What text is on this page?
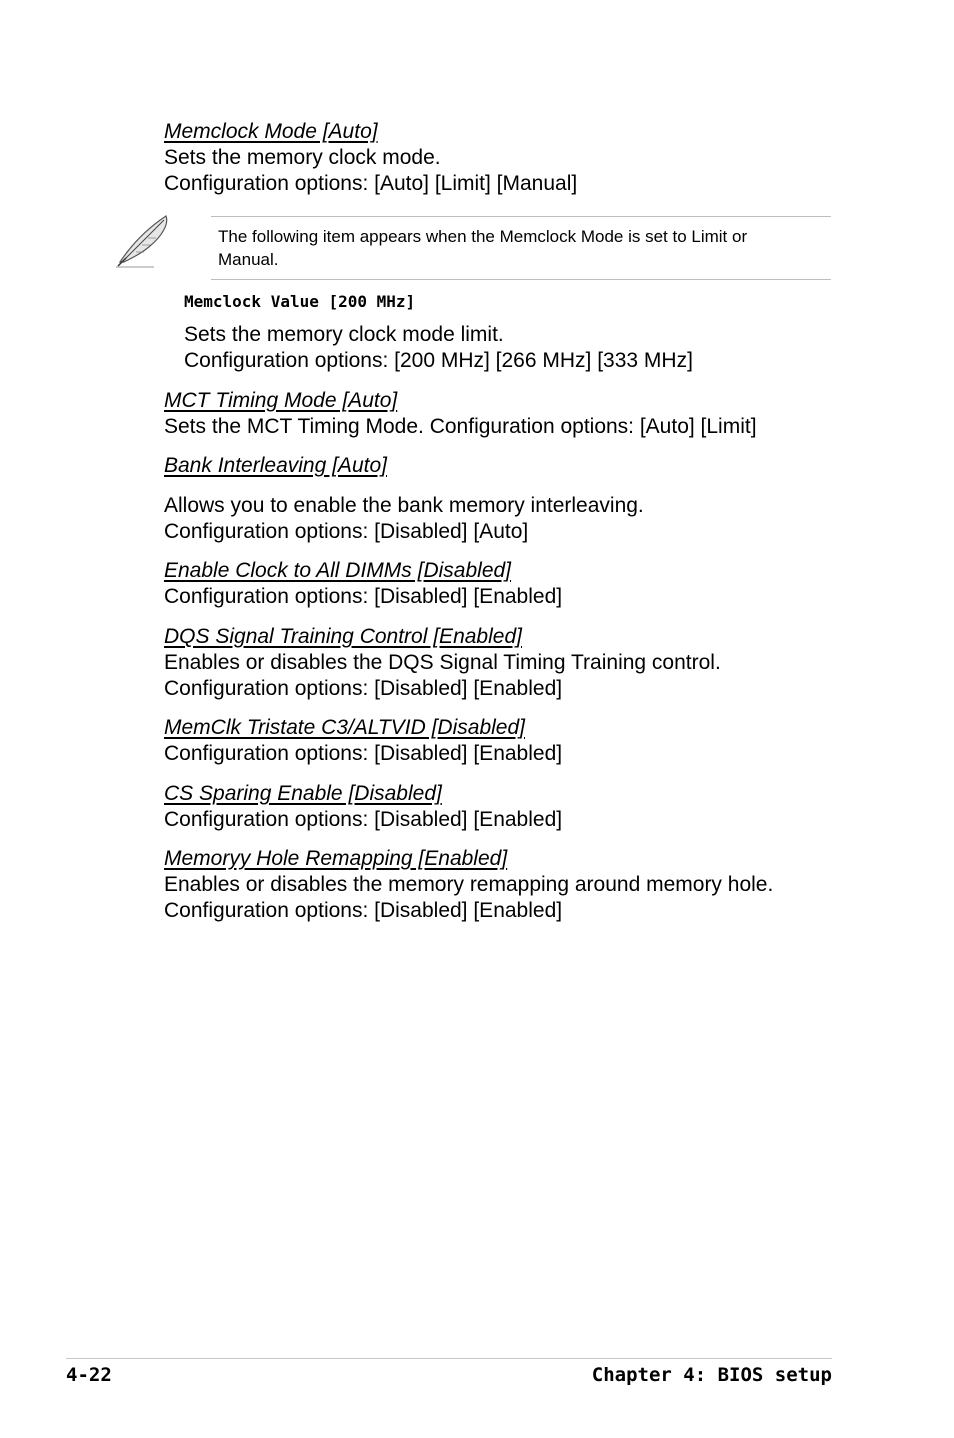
Memclock Mode [Auto]
Sets the memory clock mode.
Configuration options: [Auto] [Limit] [Manual]
The following item appears when the Memclock Mode is set to Limit or
Manual.
Memclock Value [200 MHz]
Sets the memory clock mode limit.
Configuration options: [200 MHz] [266 MHz] [333 MHz]
MCT Timing Mode [Auto]
Sets the MCT Timing Mode. Configuration options: [Auto] [Limit]
Bank Interleaving [Auto]
Allows you to enable the bank memory interleaving.
Configuration options: [Disabled] [Auto]
Enable Clock to All DIMMs [Disabled]
Configuration options: [Disabled] [Enabled]
DQS Signal Training Control [Enabled]
Enables or disables the DQS Signal Timing Training control.
Configuration options: [Disabled] [Enabled]
MemClk Tristate C3/ALTVID [Disabled]
Configuration options: [Disabled] [Enabled]
CS Sparing Enable [Disabled]
Configuration options: [Disabled] [Enabled]
Memoryy Hole Remapping [Enabled]
Enables or disables the memory remapping around memory hole.
Configuration options: [Disabled] [Enabled]
4-22	Chapter 4: BIOS setup
